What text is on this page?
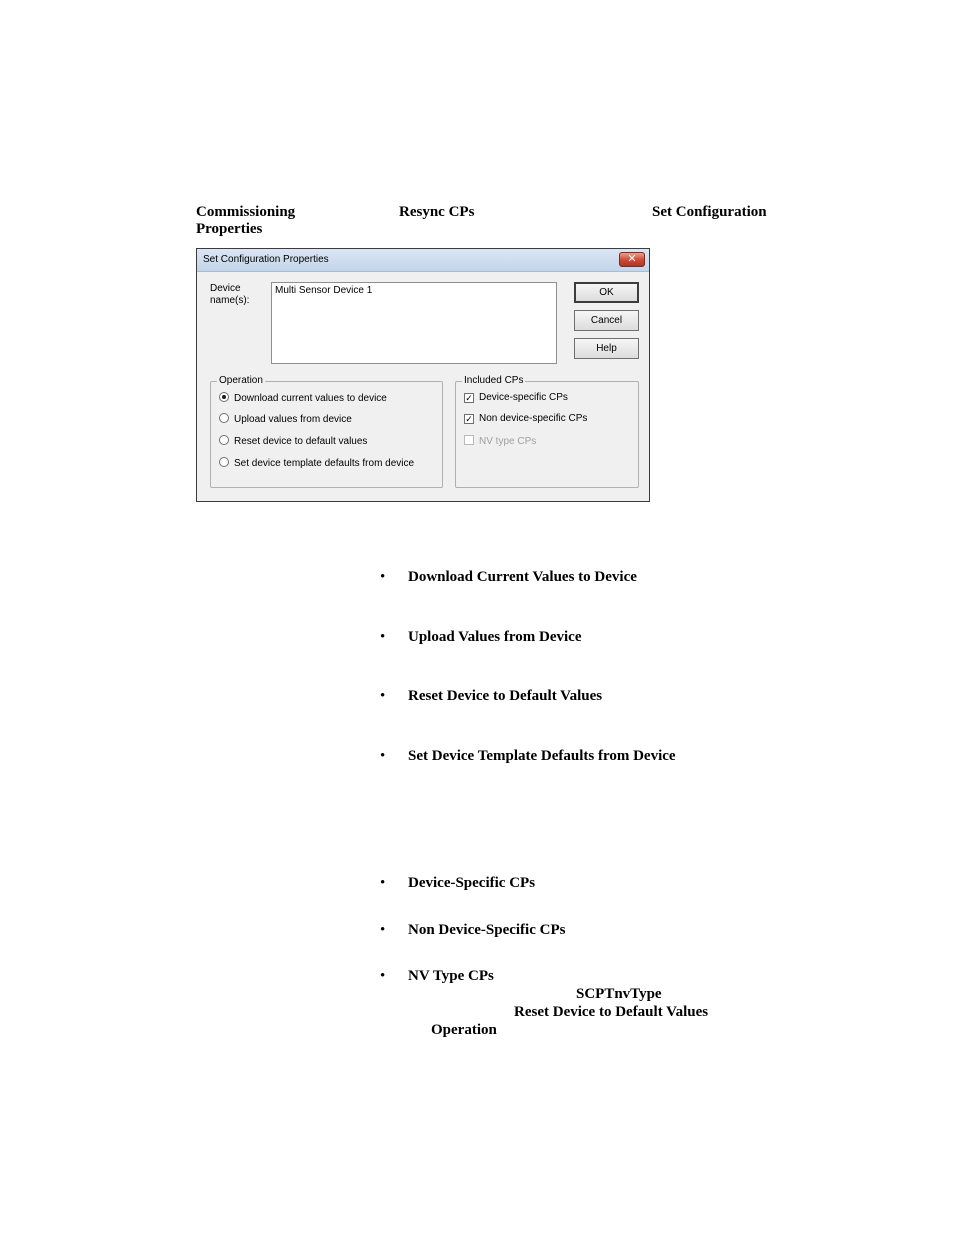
Commissioning
Properties
Resync CPs	Set Configuration
Set Configuration Properties	✕
Device
name(s):
Multi Sensor Device 1	OK
Cancel
Help
Operation
Download current values to device
Upload values from device
Reset device to default values
Set device template defaults from device
Included CPs
✓ Device-specific CPs
✓ Non device-specific CPs
NV type CPs
• Download Current Values to Device
• Upload Values from Device
• Reset Device to Default Values
• Set Device Template Defaults from Device
• Device-Specific CPs
• Non Device-Specific CPs
• NV Type CPs
SCPTnvType
Reset Device to Default Values
Operation
